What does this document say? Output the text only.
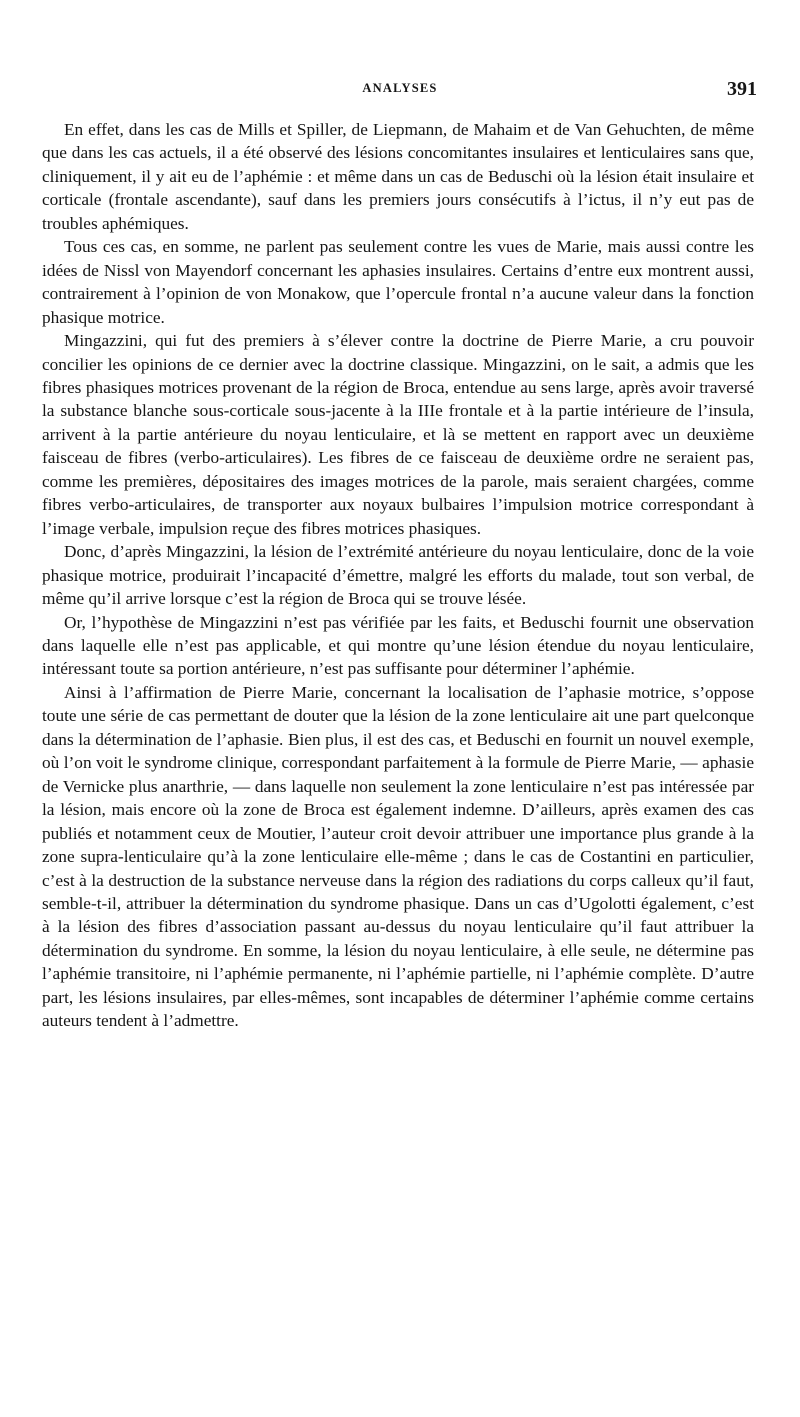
ANALYSES	391

En effet, dans les cas de Mills et Spiller, de Liepmann, de Mahaim et de Van Gehuchten, de même que dans les cas actuels, il a été observé des lésions concomitantes insulaires et lenticulaires sans que, cliniquement, il y ait eu de l’aphémie : et même dans un cas de Beduschi où la lésion était insulaire et corticale (frontale ascendante), sauf dans les premiers jours consécutifs à l’ictus, il n’y eut pas de troubles aphémiques.

Tous ces cas, en somme, ne parlent pas seulement contre les vues de Marie, mais aussi contre les idées de Nissl von Mayendorf concernant les aphasies insulaires. Certains d’entre eux montrent aussi, contrairement à l’opinion de von Monakow, que l’opercule frontal n’a aucune valeur dans la fonction phasique motrice.

Mingazzini, qui fut des premiers à s’élever contre la doctrine de Pierre Marie, a cru pouvoir concilier les opinions de ce dernier avec la doctrine classique. Mingazzini, on le sait, a admis que les fibres phasiques motrices provenant de la région de Broca, entendue au sens large, après avoir traversé la substance blanche sous-corticale sous-jacente à la IIIe frontale et à la partie intérieure de l’insula, arrivent à la partie antérieure du noyau lenticulaire, et là se mettent en rapport avec un deuxième faisceau de fibres (verbo-articulaires). Les fibres de ce faisceau de deuxième ordre ne seraient pas, comme les premières, dépositaires des images motrices de la parole, mais seraient chargées, comme fibres verbo-articulaires, de transporter aux noyaux bulbaires l’impulsion motrice correspondant à l’image verbale, impulsion reçue des fibres motrices phasiques.

Donc, d’après Mingazzini, la lésion de l’extrémité antérieure du noyau lenticulaire, donc de la voie phasique motrice, produirait l’incapacité d’émettre, malgré les efforts du malade, tout son verbal, de même qu’il arrive lorsque c’est la région de Broca qui se trouve lésée.

Or, l’hypothèse de Mingazzini n’est pas vérifiée par les faits, et Beduschi fournit une observation dans laquelle elle n’est pas applicable, et qui montre qu’une lésion étendue du noyau lenticulaire, intéressant toute sa portion antérieure, n’est pas suffisante pour déterminer l’aphémie.

Ainsi à l’affirmation de Pierre Marie, concernant la localisation de l’aphasie motrice, s’oppose toute une série de cas permettant de douter que la lésion de la zone lenticulaire ait une part quelconque dans la détermination de l’aphasie. Bien plus, il est des cas, et Beduschi en fournit un nouvel exemple, où l’on voit le syndrome clinique, correspondant parfaitement à la formule de Pierre Marie, — aphasie de Vernicke plus anarthrie, — dans laquelle non seulement la zone lenticulaire n’est pas intéressée par la lésion, mais encore où la zone de Broca est également indemne. D’ailleurs, après examen des cas publiés et notamment ceux de Moutier, l’auteur croit devoir attribuer une importance plus grande à la zone supra-lenticulaire qu’à la zone lenticulaire elle-même ; dans le cas de Costantini en particulier, c’est à la destruction de la substance nerveuse dans la région des radiations du corps calleux qu’il faut, semble-t-il, attribuer la détermination du syndrome phasique. Dans un cas d’Ugolotti également, c’est à la lésion des fibres d’association passant au-dessus du noyau lenticulaire qu’il faut attribuer la détermination du syndrome. En somme, la lésion du noyau lenticulaire, à elle seule, ne détermine pas l’aphémie transitoire, ni l’aphémie permanente, ni l’aphémie partielle, ni l’aphémie complète. D’autre part, les lésions insulaires, par elles-mêmes, sont incapables de déterminer l’aphémie comme certains auteurs tendent à l’admettre.
